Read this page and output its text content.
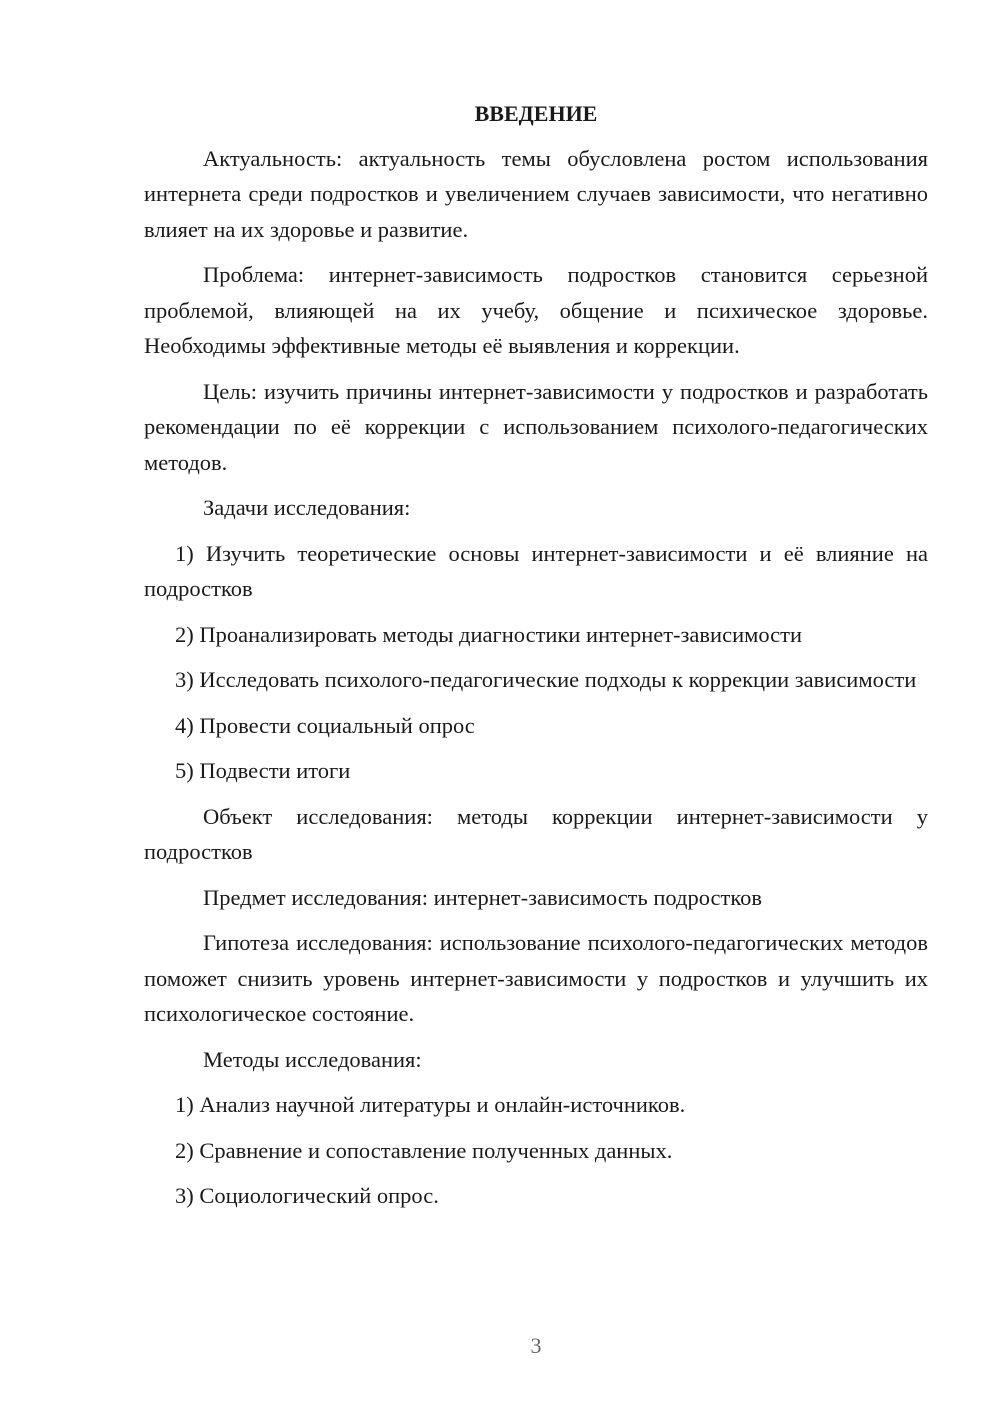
ВВЕДЕНИЕ

Актуальность: актуальность темы обусловлена ростом использования интернета среди подростков и увеличением случаев зависимости, что негативно влияет на их здоровье и развитие.

Проблема: интернет-зависимость подростков становится серьезной проблемой, влияющей на их учебу, общение и психическое здоровье. Необходимы эффективные методы её выявления и коррекции.

Цель: изучить причины интернет-зависимости у подростков и разработать рекомендации по её коррекции с использованием психолого-педагогических методов.

Задачи исследования:

1) Изучить теоретические основы интернет-зависимости и её влияние на подростков

2) Проанализировать методы диагностики интернет-зависимости

3) Исследовать психолого-педагогические подходы к коррекции зависимости

4) Провести социальный опрос

5) Подвести итоги

Объект исследования: методы коррекции интернет-зависимости у подростков

Предмет исследования: интернет-зависимость подростков

Гипотеза исследования: использование психолого-педагогических методов поможет снизить уровень интернет-зависимости у подростков и улучшить их психологическое состояние.

Методы исследования:

1) Анализ научной литературы и онлайн-источников.

2) Сравнение и сопоставление полученных данных.

3) Социологический опрос.

3
